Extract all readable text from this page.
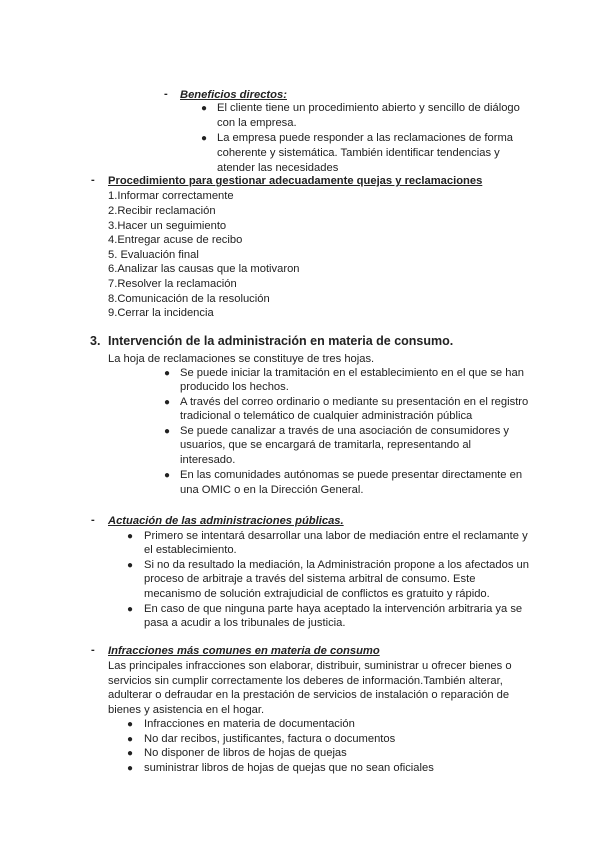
- Beneficios directos:
● El cliente tiene un procedimiento abierto y sencillo de diálogo
con la empresa.
● La empresa puede responder a las reclamaciones de forma
coherente y sistemática. También identificar tendencias y
atender las necesidades
- Procedimiento para gestionar adecuadamente quejas y reclamaciones
1.Informar correctamente
2.Recibir reclamación
3.Hacer un seguimiento
4.Entregar acuse de recibo
5. Evaluación final
6.Analizar las causas que la motivaron
7.Resolver la reclamación
8.Comunicación de la resolución
9.Cerrar la incidencia
3. Intervención de la administración en materia de consumo.
La hoja de reclamaciones se constituye de tres hojas.
● Se puede iniciar la tramitación en el establecimiento en el que se han
producido los hechos.
● A través del correo ordinario o mediante su presentación en el registro
tradicional o telemático de cualquier administración pública
● Se puede canalizar a través de una asociación de consumidores y
usuarios, que se encargará de tramitarla, representando al
interesado.
● En las comunidades autónomas se puede presentar directamente en
una OMIC o en la Dirección General.
- Actuación de las administraciones públicas.
● Primero se intentará desarrollar una labor de mediación entre el reclamante y
el establecimiento.
● Si no da resultado la mediación, la Administración propone a los afectados un
proceso de arbitraje a través del sistema arbitral de consumo. Este
mecanismo de solución extrajudicial de conflictos es gratuito y rápido.
● En caso de que ninguna parte haya aceptado la intervención arbitraria ya se
pasa a acudir a los tribunales de justicia.
- Infracciones más comunes en materia de consumo
Las principales infracciones son elaborar, distribuir, suministrar u ofrecer bienes o
servicios sin cumplir correctamente los deberes de información.También alterar,
adulterar o defraudar en la prestación de servicios de instalación o reparación de
bienes y asistencia en el hogar.
● Infracciones en materia de documentación
● No dar recibos, justificantes, factura o documentos
● No disponer de libros de hojas de quejas
● suministrar libros de hojas de quejas que no sean oficiales
